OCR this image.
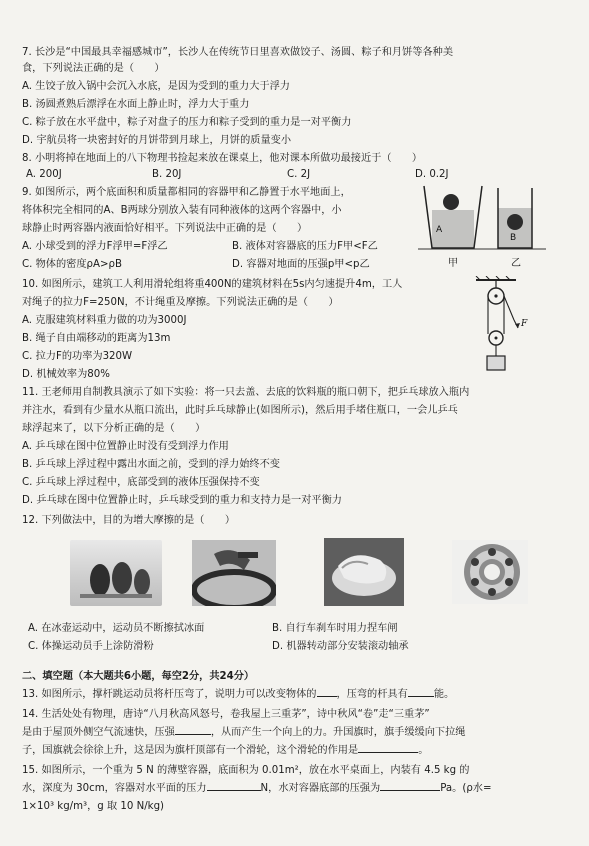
7. 长沙是“中国最具幸福感城市”，长沙人在传统节日里喜欢做饺子、汤圆、粽子和月饼等各种美
食，下列说法正确的是（　　）
A. 生饺子放入锅中会沉入水底，是因为受到的重力大于浮力
B. 汤圆煮熟后漂浮在水面上静止时，浮力大于重力
C. 粽子放在水平盘中，粽子对盘子的压力和粽子受到的重力是一对平衡力
D. 宇航员将一块密封好的月饼带到月球上，月饼的质量变小
8. 小明将掉在地面上的八下物理书捡起来放在课桌上，他对课本所做功最接近于（　　）
A. 200J	B. 20J	C. 2J	D. 0.2J
9. 如图所示，两个底面积和质量都相同的容器甲和乙静置于水平地面上，
将体积完全相同的A、B两球分别放入装有同种液体的这两个容器中，小
球静止时两容器内液面恰好相平。下列说法中正确的是（　　）
A. 小球受到的浮力F浮甲=F浮乙	B. 液体对容器底的压力F甲<F乙
C. 物体的密度ρA>ρB	D. 容器对地面的压强p甲<p乙
A
B
甲	乙
10. 如图所示，建筑工人利用滑轮组将重400N的建筑材料在5s内匀速提升4m，工人
对绳子的拉力F=250N，不计绳重及摩擦。下列说法正确的是（　　）
A. 克服建筑材料重力做的功为3000J
B. 绳子自由端移动的距离为13m
C. 拉力F的功率为320W
D. 机械效率为80%
F
11. 王老师用自制教具演示了如下实验：将一只去盖、去底的饮料瓶的瓶口朝下，把乒乓球放入瓶内
并注水，看到有少量水从瓶口流出，此时乒乓球静止(如图所示)，然后用手堵住瓶口，一会儿乒乓
球浮起来了，以下分析正确的是（　　）
A. 乒乓球在图中位置静止时没有受到浮力作用
B. 乒乓球上浮过程中露出水面之前，受到的浮力始终不变
C. 乒乓球上浮过程中，底部受到的液体压强保持不变
D. 乒乓球在图中位置静止时，乒乓球受到的重力和支持力是一对平衡力
12. 下列做法中，目的为增大摩擦的是（　　）
A. 在冰壶运动中，运动员不断擦拭冰面	B. 自行车刹车时用力捏车闸
C. 体操运动员手上涂防滑粉	D. 机器转动部分安装滚动轴承
二、填空题（本大题共6小题，每空2分，共24分）
13. 如图所示，撑杆跳运动员将杆压弯了，说明力可以改变物体的 ，压弯的杆具有	能。
14. 生活处处有物理，唐诗“八月秋高风怒号，卷我屋上三重茅”，诗中秋风“卷”走“三重茅”
是由于屋顶外侧空气流速快，压强	，从而产生一个向上的力。升国旗时，旗手缓缓向下拉绳
子，国旗就会徐徐上升，这是因为旗杆顶部有一个滑轮，这个滑轮的作用是	。
15. 如图所示，一个重为 5 N 的薄壁容器，底面积为 0.01m²，放在水平桌面上，内装有 4.5 kg 的
水，深度为 30cm，容器对水平面的压力	N，水对容器底部的压强为	Pa。(ρ水=
1×10³ kg/m³，g 取 10 N/kg)
